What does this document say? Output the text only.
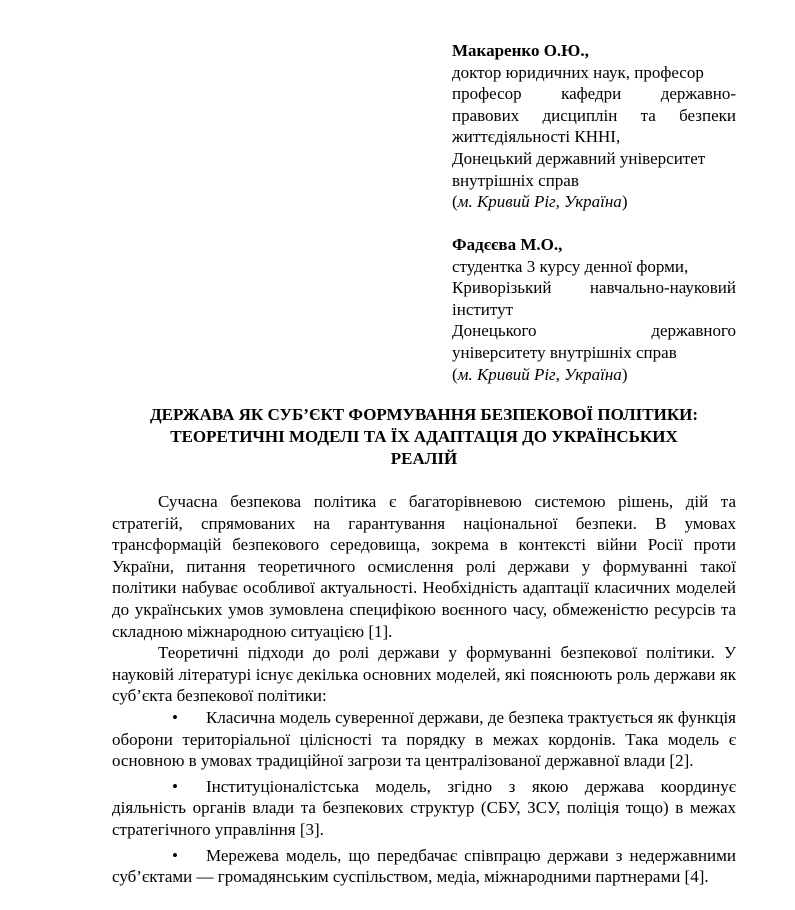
Макаренко О.Ю.,
доктор юридичних наук, професор
професор кафедри державно-
правових дисциплін та безпеки
життєдіяльності КННІ,
Донецький державний університет
внутрішніх справ
(м. Кривий Ріг, Україна)
Фадєєва М.О.,
студентка 3 курсу денної форми,
Криворізький навчально-науковий
інститут
Донецького державного
університету внутрішніх справ
(м. Кривий Ріг, Україна)
ДЕРЖАВА ЯК СУБ’ЄКТ ФОРМУВАННЯ БЕЗПЕКОВОЇ ПОЛІТИКИ:
ТЕОРЕТИЧНІ МОДЕЛІ ТА ЇХ АДАПТАЦІЯ ДО УКРАЇНСЬКИХ
РЕАЛІЙ

Сучасна безпекова політика є багаторівневою системою рішень, дій та стратегій, спрямованих на гарантування національної безпеки. В умовах трансформацій безпекового середовища, зокрема в контексті війни Росії проти України, питання теоретичного осмислення ролі держави у формуванні такої політики набуває особливої актуальності. Необхідність адаптації класичних моделей до українських умов зумовлена специфікою воєнного часу, обмеженістю ресурсів та складною міжнародною ситуацією [1].

Теоретичні підходи до ролі держави у формуванні безпекової політики. У науковій літературі існує декілька основних моделей, які пояснюють роль держави як суб’єкта безпекової політики:

• Класична модель суверенної держави, де безпека трактується як функція оборони територіальної цілісності та порядку в межах кордонів. Така модель є основною в умовах традиційної загрози та централізованої державної влади [2].

• Інституціоналістська модель, згідно з якою держава координує діяльність органів влади та безпекових структур (СБУ, ЗСУ, поліція тощо) в межах стратегічного управління [3].

• Мережева модель, що передбачає співпрацю держави з недержавними суб’єктами — громадянським суспільством, медіа, міжнародними партнерами [4].
